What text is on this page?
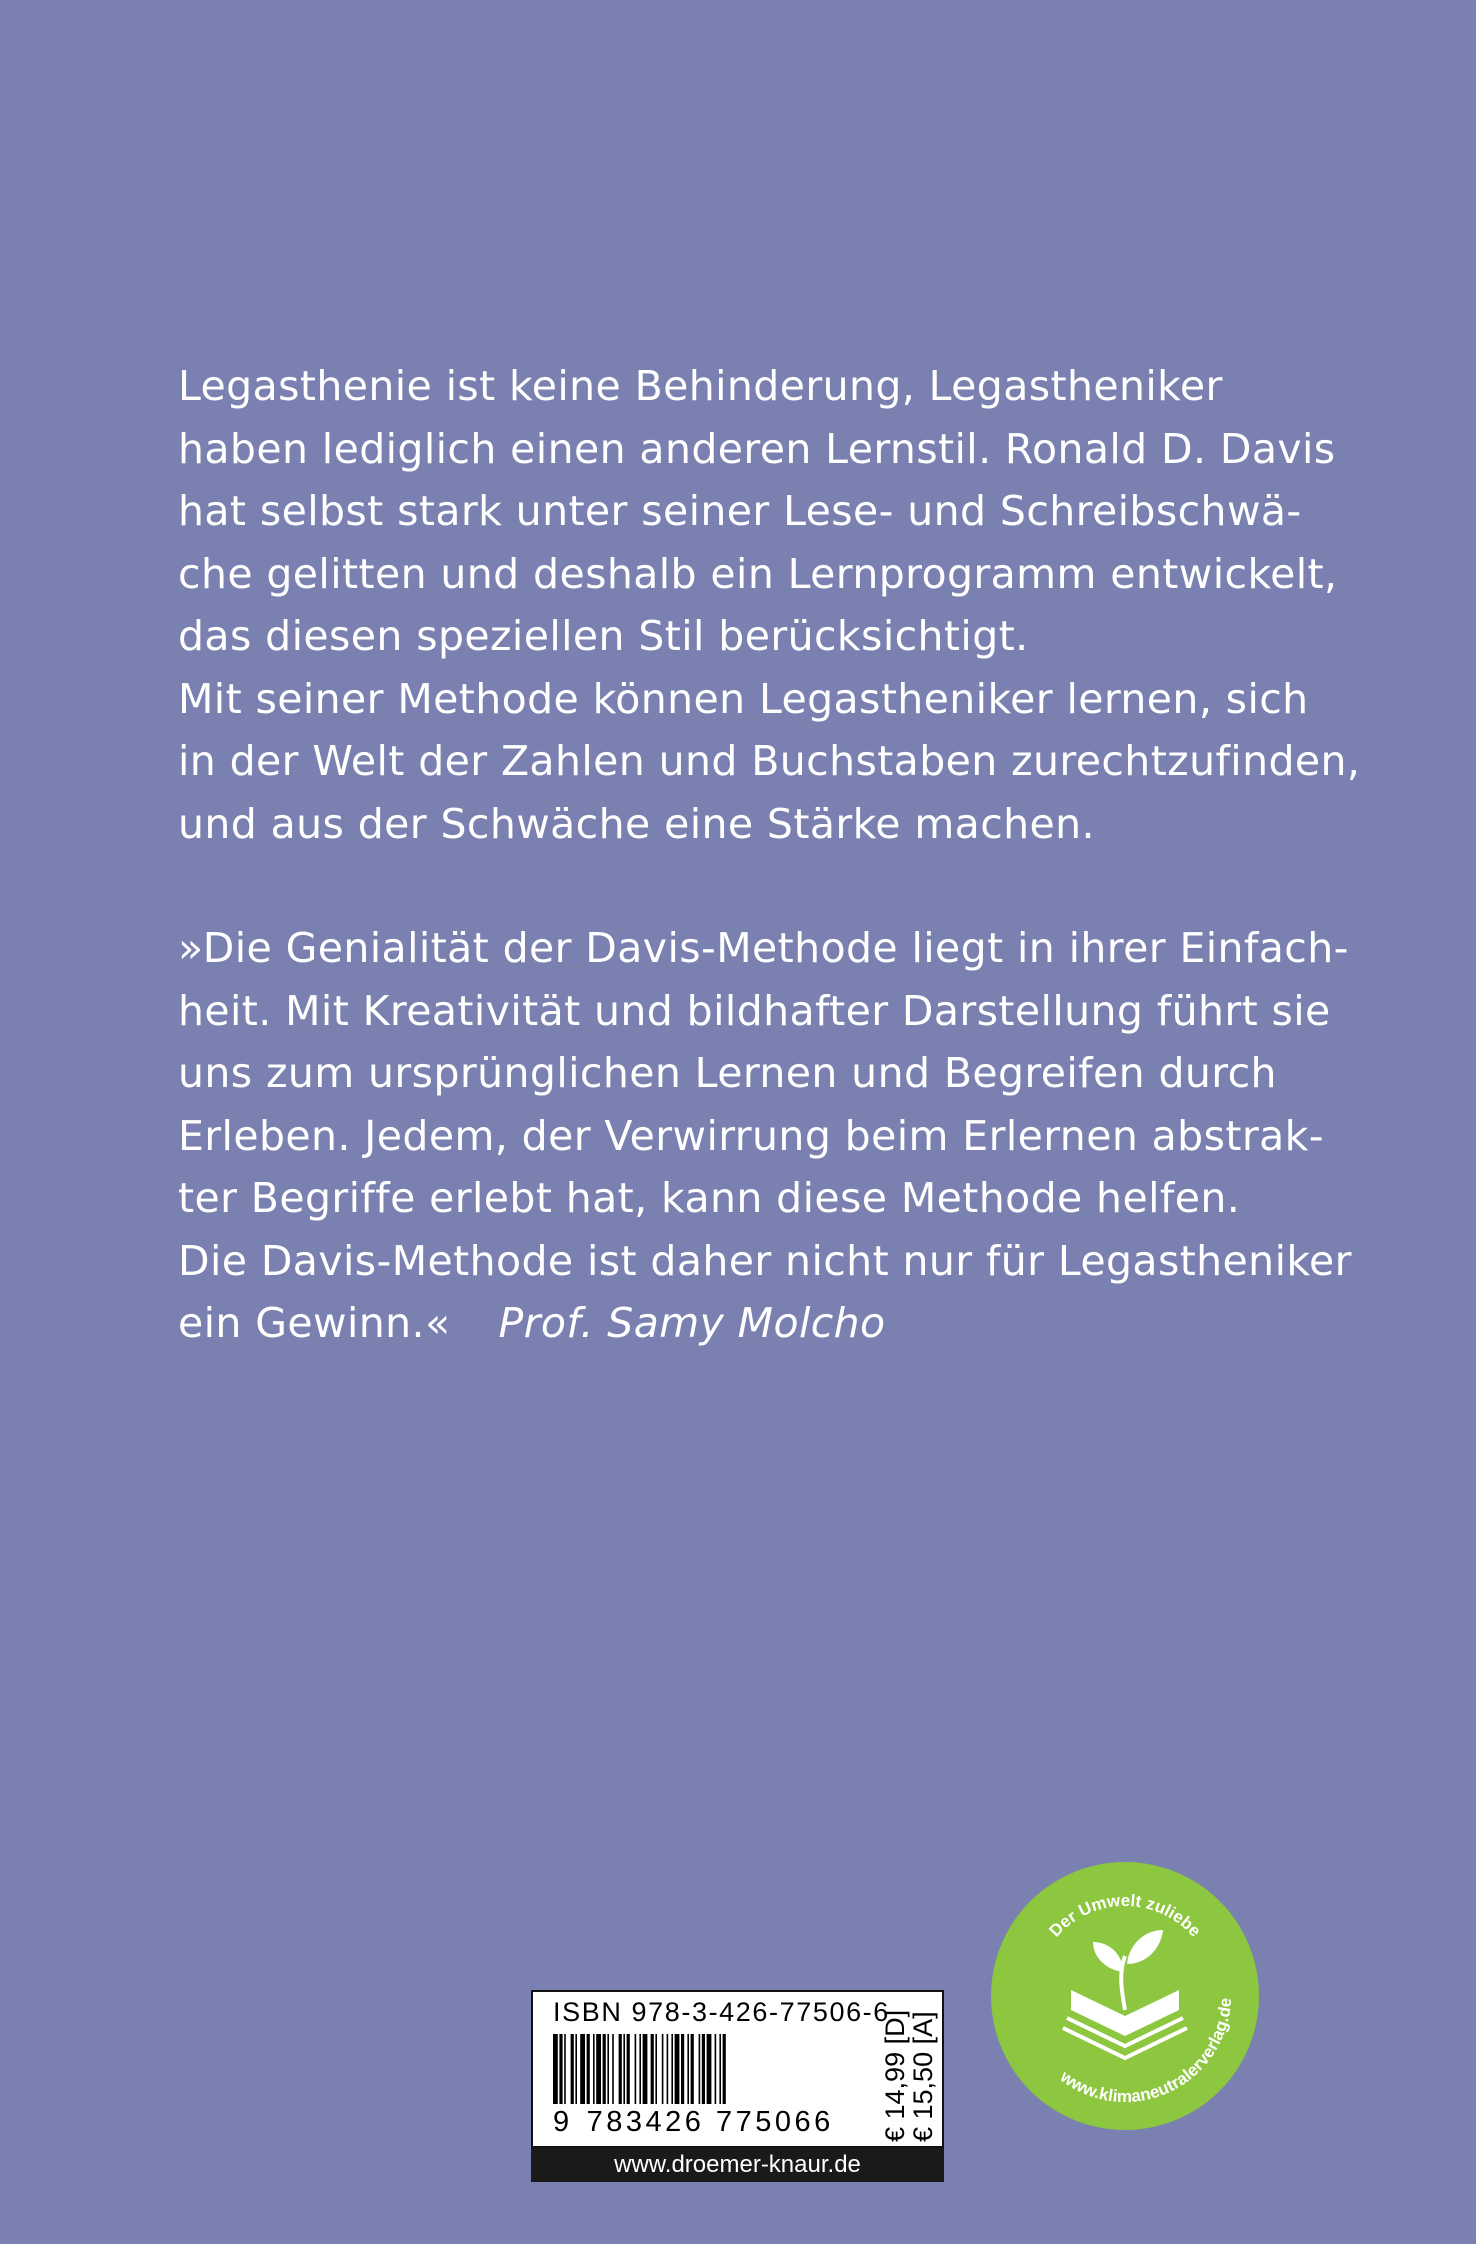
Legasthenie ist keine Behinderung, Legastheniker

haben lediglich einen anderen Lernstil. Ronald D. Davis

hat selbst stark unter seiner Lese- und Schreibschwä-

che gelitten und deshalb ein Lernprogramm entwickelt,

das diesen speziellen Stil berücksichtigt.

Mit seiner Methode können Legastheniker lernen, sich

in der Welt der Zahlen und Buchstaben zurechtzufinden,

und aus der Schwäche eine Stärke machen.

»Die Genialität der Davis-Methode liegt in ihrer Einfach-

heit. Mit Kreativität und bildhafter Darstellung führt sie

uns zum ursprünglichen Lernen und Begreifen durch

Erleben. Jedem, der Verwirrung beim Erlernen abstrak-

ter Begriffe erlebt hat, kann diese Methode helfen.

Die Davis-Methode ist daher nicht nur für Legastheniker

ein Gewinn.« Prof. Samy Molcho

ISBN 978-3-426-77506-6
9 783426 775066	€ 14,99 [D]
€ 15,50 [A]
www.droemer-knaur.de
Der Umwelt zuliebe
www.klimaneutralerverlag.de
